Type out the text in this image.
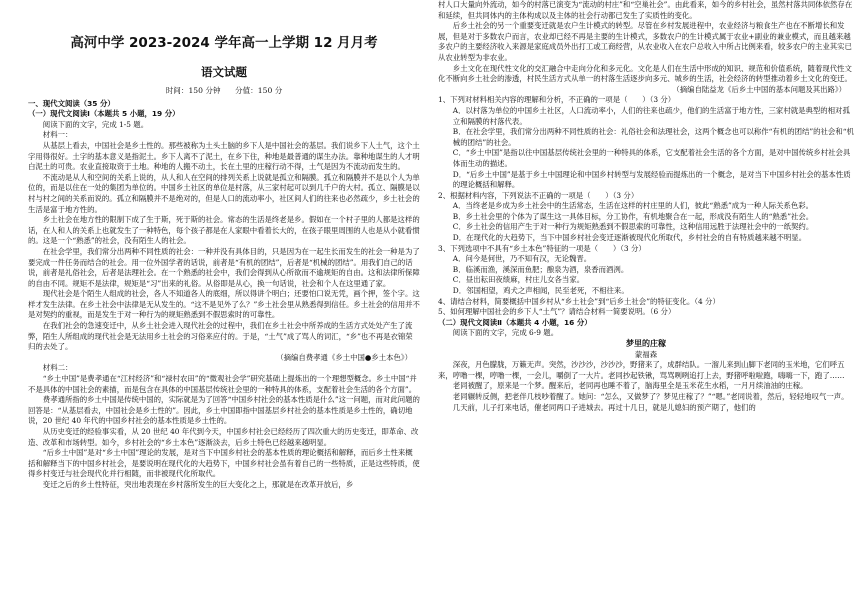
高河中学 2023-2024 学年高一上学期 12 月月考
语文试题
时间：150 分钟 分值：150 分

一、现代文阅读（35 分）

（一）现代文阅读Ⅰ（本题共 5 小题，19 分）

阅读下面的文字，完成 1-5 题。

材料一：

从基层上看去，中国社会是乡土性的。那些被称为土头土脑的乡下人是中国社会的基层。我们说乡下人土气，这个土字用得很好。土字的基本意义是指泥土。乡下人离不了泥土，在乡下住，种地是最普通的谋生办法。靠种地谋生的人才明白泥土的可贵。农业直接取资于土地。种地的人搬不动土，长在土里的庄稼行动不得，土气是因为不流动而发生的。

不流动是从人和空间的关系上说的，从人和人在空间的排列关系上说就是孤立和隔膜。孤立和隔膜并不是以个人为单位的，而是以住在一处的集团为单位的。中国乡土社区的单位是村落，从三家村起可以到几千户的大村。孤立、隔膜是以村与村之间的关系而说的。孤立和隔膜并不是绝对的，但是人口的流动率小，社区间人们的往来也必然疏少，乡土社会的生活是富于地方性的。

乡土社会在地方性的限制下成了生于斯，死于斯的社会。常态的生活是终老是乡。假如在一个村子里的人都是这样的话，在人和人的关系上也就发生了一种特色，每个孩子都是在人家眼中看着长大的，在孩子眼里周围的人也是从小就看惯的。这是一个“熟悉”的社会，没有陌生人的社会。

在社会学里，我们常分出两种不同性质的社会：一种并没有具体目的，只是因为在一起生长而发生的社会一种是为了要完成一件任务而结合的社会。用一位外国学者的话说，前者是“有机的团结”，后者是“机械的团结”。用我们自己的话说，前者是礼俗社会，后者是法理社会。在一个熟悉的社会中，我们会得到从心所欲而不逾规矩的自由。这和法律所保障的自由不同。规矩不是法律，规矩是“习”出来的礼俗。从俗即是从心，换一句话说，社会和个人在这里通了家。

现代社会是个陌生人组成的社会，各人不知道各人的底细，所以得讲个明白；还要怕口说无凭，画个押，签个字。这样才发生法律。在乡土社会中法律是无从发生的。“这不是见外了么？”乡土社会里从熟悉得到信任。乡土社会的信用并不是对契约的重视，而是发生于对一种行为的规矩熟悉到不假思索时的可靠性。

在我们社会的急速变迁中，从乡土社会进入现代社会的过程中，我们在乡土社会中所养成的生活方式处处产生了流弊，陌生人所组成的现代社会是无法用乡土社会的习俗来应付的。于是，“土气”成了骂人的词汇，“乡”也不再是衣锦荣归的去处了。

（摘编自费孝通《乡土中国●乡土本色》）

材料二：

“乡土中国”是费孝通在“江村经济”和“禄村农田”的“微观社会学”研究基础上提炼出的一个理想型概念。乡土中国“并不是具体的中国社会的素描，而是包含在具体的中国基层传统社会里的一种特具的体系，支配着社会生活的各个方面”。

费孝通所指的乡土中国是传统中国的，实际就是为了回答“中国乡村社会的基本性质是什么”这一问题，而对此问题的回答是：“从基层看去，中国社会是乡土性的”。因此，乡土中国即指中国基层乡村社会的基本性质是乡土性的，确切地说，20 世纪 40 年代的中国乡村社会的基本性质是乡土性的。

从历史变迁的经验事实看，从 20 世纪 40 年代到今天，中国乡村社会已经经历了四次重大的历史变迁，即革命、改造、改革和市场转型。如今，乡村社会的“乡土本色”逐渐淡去，后乡土特色已经越来越明显。

“后乡土中国”是对“乡土中国”理论的发展，是对当下中国乡村社会的基本性质的理论概括和解释，而后乡土性来概括和解释当下的中国乡村社会，是要说明在现代化的大趋势下，中国乡村社会虽有着自己的一些特质，正是这些特质，使得乡村变迁与社会现代化并行相随，而非被现代化所取代。

变迁之后的乡土性特征，突出地表现在乡村落所发生的巨大变化之上，那就是在改革开放后，乡

村人口大量向外流动，如今的村落已演变为“流动的村庄”和“空巢社会”。由此看来，如今的乡村社会，虽然村落共同体依然存在和延续，但共同体内的主体构成以及主体的社会行动都已发生了实质性的变化。

后乡土社会的另一个重要变迁就是农户生计模式的转型。尽管在乡村发展进程中，农业经济与粮食生产也在不断增长和发展，但是对于多数农户而言，农业却已经不再是主要的生计模式，多数农户的生计模式属于农业+副业的兼业模式，而且越来越多农户的主要经济收入来源是家庭成员外出打工或工商经营，从农业收入在农户总收入中所占比例来看，较多农户的主业其实已从农业转型为非农业。

乡土文化在现代性文化的交汇融合中走向分化和多元化。文化是人们在生活中形成的知识、规范和价值系统，随着现代性文化不断向乡土社会的渗透，村民生活方式从单一的村落生活逐步向多元、城乡的生活，社会经济的转型推动着乡土文化的变迁。

（摘编自陆益龙《后乡土中国的基本问题及其出路》）

1、下列对材料相关内容的理解和分析，不正确的一项是（　　）（3 分）

A．以村落为单位的中国乡土社区，人口流动率小，人们的往来也疏少，他们的生活富于地方性，三家村就是典型的相对孤立和隔膜的村落代表。

B．在社会学里，我们常分出两种不同性质的社会：礼俗社会和法理社会，这两个概念也可以称作“有机的团结”的社会和“机械的团结”的社会。

C．“乡土中国”是指以往中国基层传统社会里的一种特具的体系，它支配着社会生活的各个方面，是对中国传统乡村社会具体而生动的描述。

D．“后乡土中国”是基于乡土中国理论和中国乡村转型与发展经验而提炼出的一个概念，是对当下中国乡村社会的基本性质的理论概括和解释。

2、根据材料内容，下列说法不正确的一项是（　　）（3 分）

A．当终老是乡成为乡土社会中的生活常态，生活在这样的村庄里的人们，彼此“熟悉”成为一种人际关系色彩。

B．乡土社会里的个体为了谋生这一具体目标，分工协作，有机地聚合在一起，形成没有陌生人的“熟悉”社会。

C．乡土社会的信用产生于对一种行为规矩熟悉到不假思索的可靠性，这种信用远胜于法理社会中的一纸契约。

D．在现代化的大趋势下，当下中国乡村社会变迁逐渐被现代化所取代，乡村社会的自有特质越来越不明显。

3、下列选项中不具有“乡土本色”特征的一项是（　　）（3 分）

A．问今是何世，乃不知有汉，无论魏晋。

B．临溪而渔，溪深而鱼肥；酿泉为酒，泉香而酒洌。

C．昼出耘田夜绩麻，村庄儿女各当家。

D．邻国相望，鸡犬之声相闻，民至老死，不相往来。

4、请结合材料，简要概括中国乡村从“乡土社会”到“后乡土社会”的特征变化。（4 分）

5、如何理解中国社会的乡下人“土气”？请结合材料一简要说明。（6 分）

（二）现代文阅读Ⅱ（本题共 4 小题，16 分）

阅读下面的文字，完成 6-9 题。

梦里的庄稼

蒙福森

深夜，月色朦胧，万籁无声。突然，沙沙沙，沙沙沙，野猪来了，成群结队。一溜儿来到山脚下老同的玉米地，它们呼五来，哼噜一棵，哼噜一棵，一会儿，嚼倒了一大片。老同抄起铁锹，骂骂咧咧追打上去，野猪呼啦啦跑，嗨嗨一下，跑了……

老同被醒了，原来是一个梦。醒来后，老同再也睡不着了，脑海里全是玉米花生水稻，一月月续油油的庄稼。

老同辗转反侧，把老伴几枝吵着醒了。她问：“怎么，又做梦了？梦见庄稼了？”“嗯。”老同说着，然后，轻轻地叹气一声。

几天前，儿子打来电话，催老同两口子进城去。再过十几日，就是儿媳妇的预产期了，他们的
